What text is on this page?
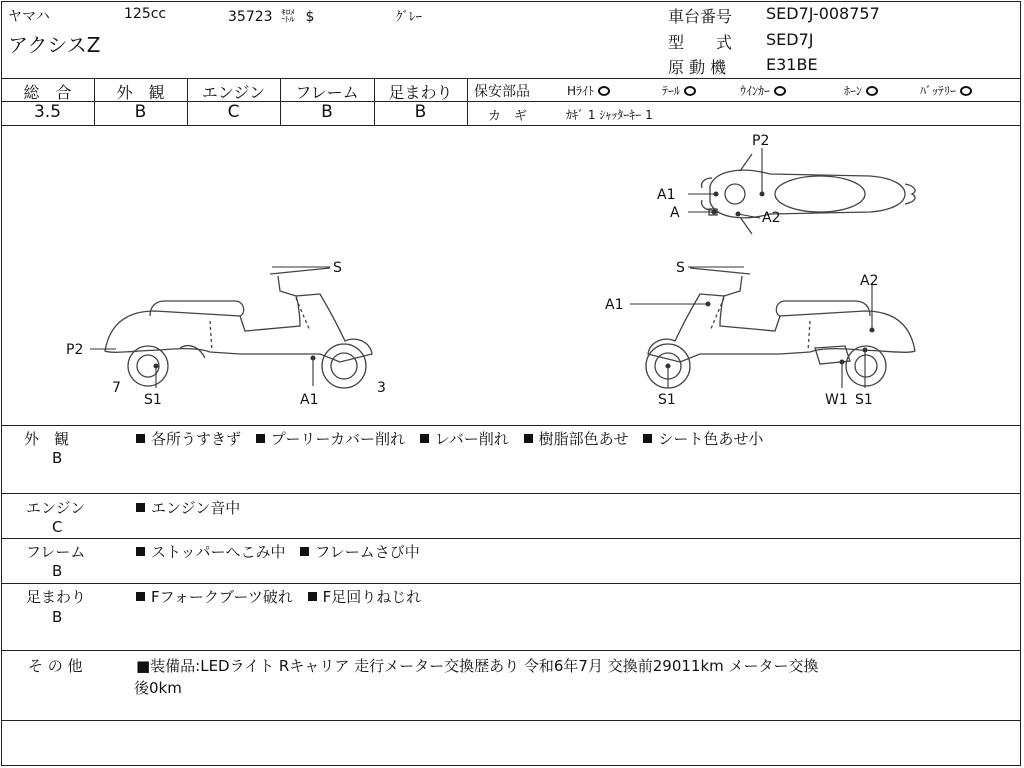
ヤマハ	125cc	35723 ㌖ $	ｸﾞﾚｰ
アクシスZ
車台番号 SED7J-008757
型　　式 SED7J
原 動 機 E31BE
総　合	外　観	エンジン	フレーム	足まわり
3.5	B	C	B	B
保安部品	Hﾗｲﾄ	ﾃｰﾙ	ｳｲﾝｶｰ	ﾎｰﾝ	ﾊﾞｯﾃﾘｰ
カ　ギ	ｶｷﾞ 1 ｼｬｯﾀｰｷｰ 1
S
P2
7
S1	A1
3
S
A1
A2
S1	W1 S1
P2
A1
A	A2
外　観
B
各所うすきず プーリーカバー削れ レバー削れ 樹脂部色あせ シート色あせ小
エンジン
C
エンジン音中
フレーム
B
ストッパーへこみ中 フレームさび中
足まわり
B
Fフォークブーツ破れ F足回りねじれ
そ の 他	■装備品:LEDライト Rキャリア 走行メーター交換歴あり 令和6年7月 交換前29011km メーター交換
後0km
